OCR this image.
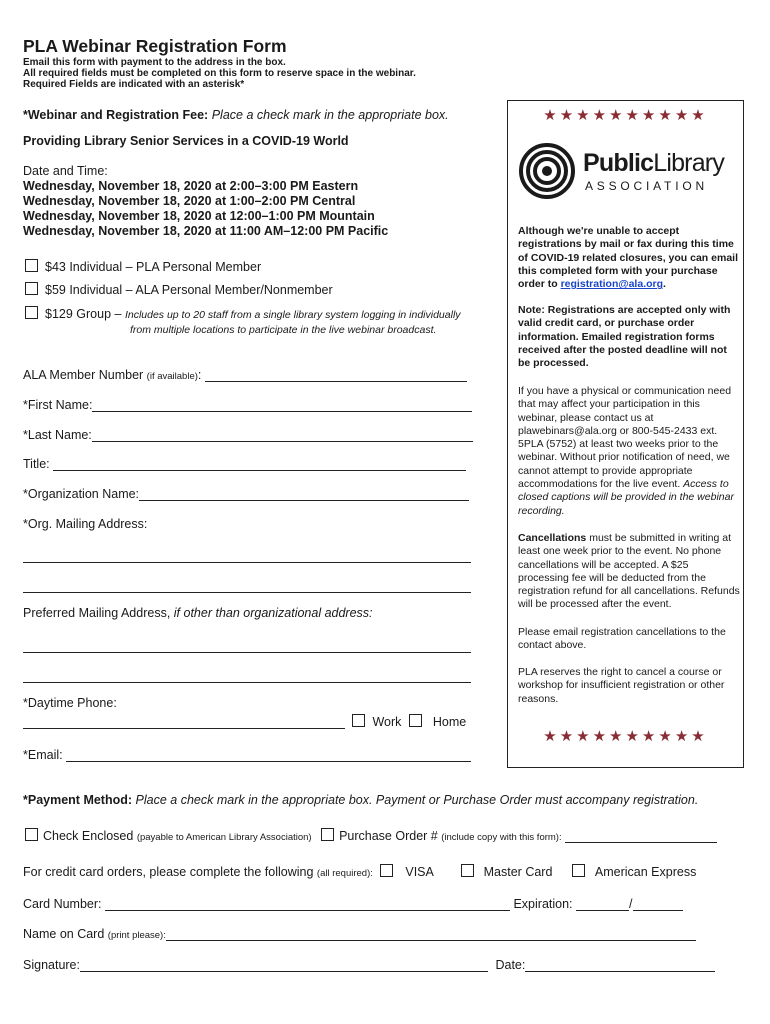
PLA Webinar Registration Form
Email this form with payment to the address in the box.
All required fields must be completed on this form to reserve space in the webinar.
Required Fields are indicated with an asterisk*
*Webinar and Registration Fee: Place a check mark in the appropriate box.
Providing Library Senior Services in a COVID-19 World
Date and Time:
Wednesday, November 18, 2020 at 2:00–3:00 PM Eastern
Wednesday, November 18, 2020 at 1:00–2:00 PM Central
Wednesday, November 18, 2020 at 12:00–1:00 PM Mountain
Wednesday, November 18, 2020 at 11:00 AM–12:00 PM Pacific
$43 Individual – PLA Personal Member
$59 Individual – ALA Personal Member/Nonmember
$129 Group – Includes up to 20 staff from a single library system logging in individually
from multiple locations to participate in the live webinar broadcast.
ALA Member Number (if available):
*First Name:
*Last Name:
Title:
*Organization Name:
*Org. Mailing Address:
Preferred Mailing Address, if other than organizational address:
*Daytime Phone:
Work	Home
*Email:
*Payment Method: Place a check mark in the appropriate box. Payment or Purchase Order must accompany registration.
Check Enclosed (payable to American Library Association) Purchase Order # (include copy with this form):
For credit card orders, please complete the following (all required):	VISA	Master Card	American Express
Card Number:	Expiration:	/
Name on Card (print please):
Signature:	Date:
★★★★★★★★★★
PublicLibrary
ASSOCIATION
Although we're unable to accept registrations by mail or fax during this time of COVID-19 related closures, you can email this completed form with your purchase order to registration@ala.org.
Note: Registrations are accepted only with valid credit card, or purchase order information. Emailed registration forms received after the posted deadline will not be processed.
If you have a physical or communication need that may affect your participation in this webinar, please contact us at plawebinars@ala.org or 800-545-2433 ext. 5PLA (5752) at least two weeks prior to the webinar. Without prior notification of need, we cannot attempt to provide appropriate accommodations for the live event. Access to closed captions will be provided in the webinar recording.
Cancellations must be submitted in writing at least one week prior to the event. No phone cancellations will be accepted. A $25 processing fee will be deducted from the registration refund for all cancellations. Refunds will be processed after the event.
Please email registration cancellations to the contact above.
PLA reserves the right to cancel a course or workshop for insufficient registration or other reasons.
★★★★★★★★★★
